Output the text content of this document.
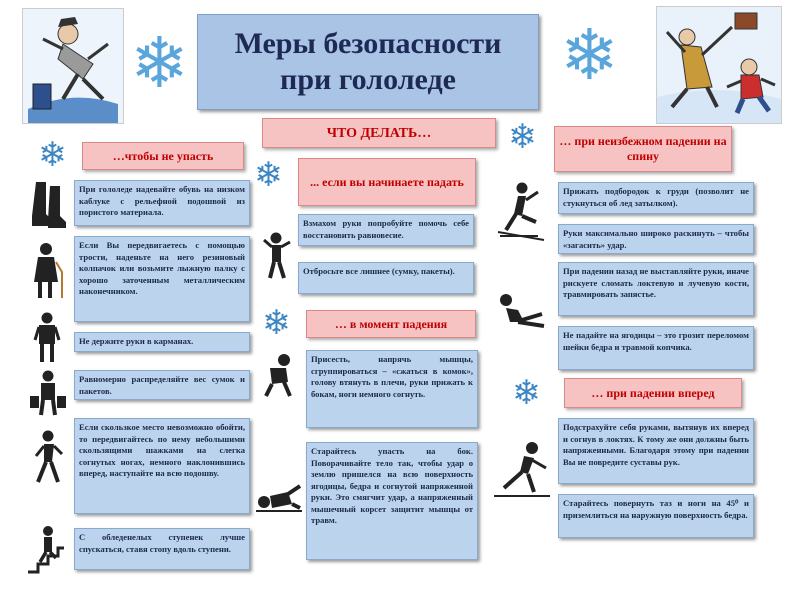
❄ Меры безопасности
при гололеде ❄
ЧТО ДЕЛАТЬ…
❄	…чтобы не упасть
При гололеде надевайте обувь на низком каблуке с рельефной подошвой из пористого материала.
Если Вы передвигаетесь с помощью трости, наденьте на него резиновый колпачок или возьмите лыжную палку с хорошо заточенным металлическим наконечником.
Не держите руки в карманах.
Равномерно распределяйте вес сумок и пакетов.
Если скользкое место невозможно обойти, то передвигайтесь по нему небольшими скользящими шажками на слегка согнутых ногах, немного наклонившись вперед, наступайте на всю подошву.
С обледенелых ступенек лучше спускаться, ставя стопу вдоль ступени.
❄	... если вы начинаете падать
Взмахом руки попробуйте помочь себе восстановить равновесие.
Отбросьте все лишнее (сумку, пакеты).
❄	… в момент падения
Присесть, напрячь мышцы, сгруппироваться – «сжаться в комок», голову втянуть в плечи, руки прижать к бокам, ноги немного согнуть.
Старайтесь упасть на бок. Поворачивайте тело так, чтобы удар о землю пришелся на всю поверхность ягодицы, бедра и согнутой напряженной руки. Это смягчит удар, а напряженный мышечный корсет защитит мышцы от травм.
❄	… при неизбежном падении на спину
Прижать подбородок к груди (позволит не стукнуться об лед затылком).
Руки максимально широко раскинуть – чтобы «загасить» удар.
При падении назад не выставляйте руки, иначе рискуете сломать локтевую и лучевую кости, травмировать запястье.
Не падайте на ягодицы – это грозит переломом шейки бедра и травмой копчика.
❄	… при падении вперед
Подстрахуйте себя руками, вытянув их вперед и согнув в локтях. К тому же они должны быть напряженными. Благодаря этому при падении Вы не повредите суставы рук.
Старайтесь повернуть таз и ноги на 45⁰ и приземлиться на наружную поверхность бедра.
